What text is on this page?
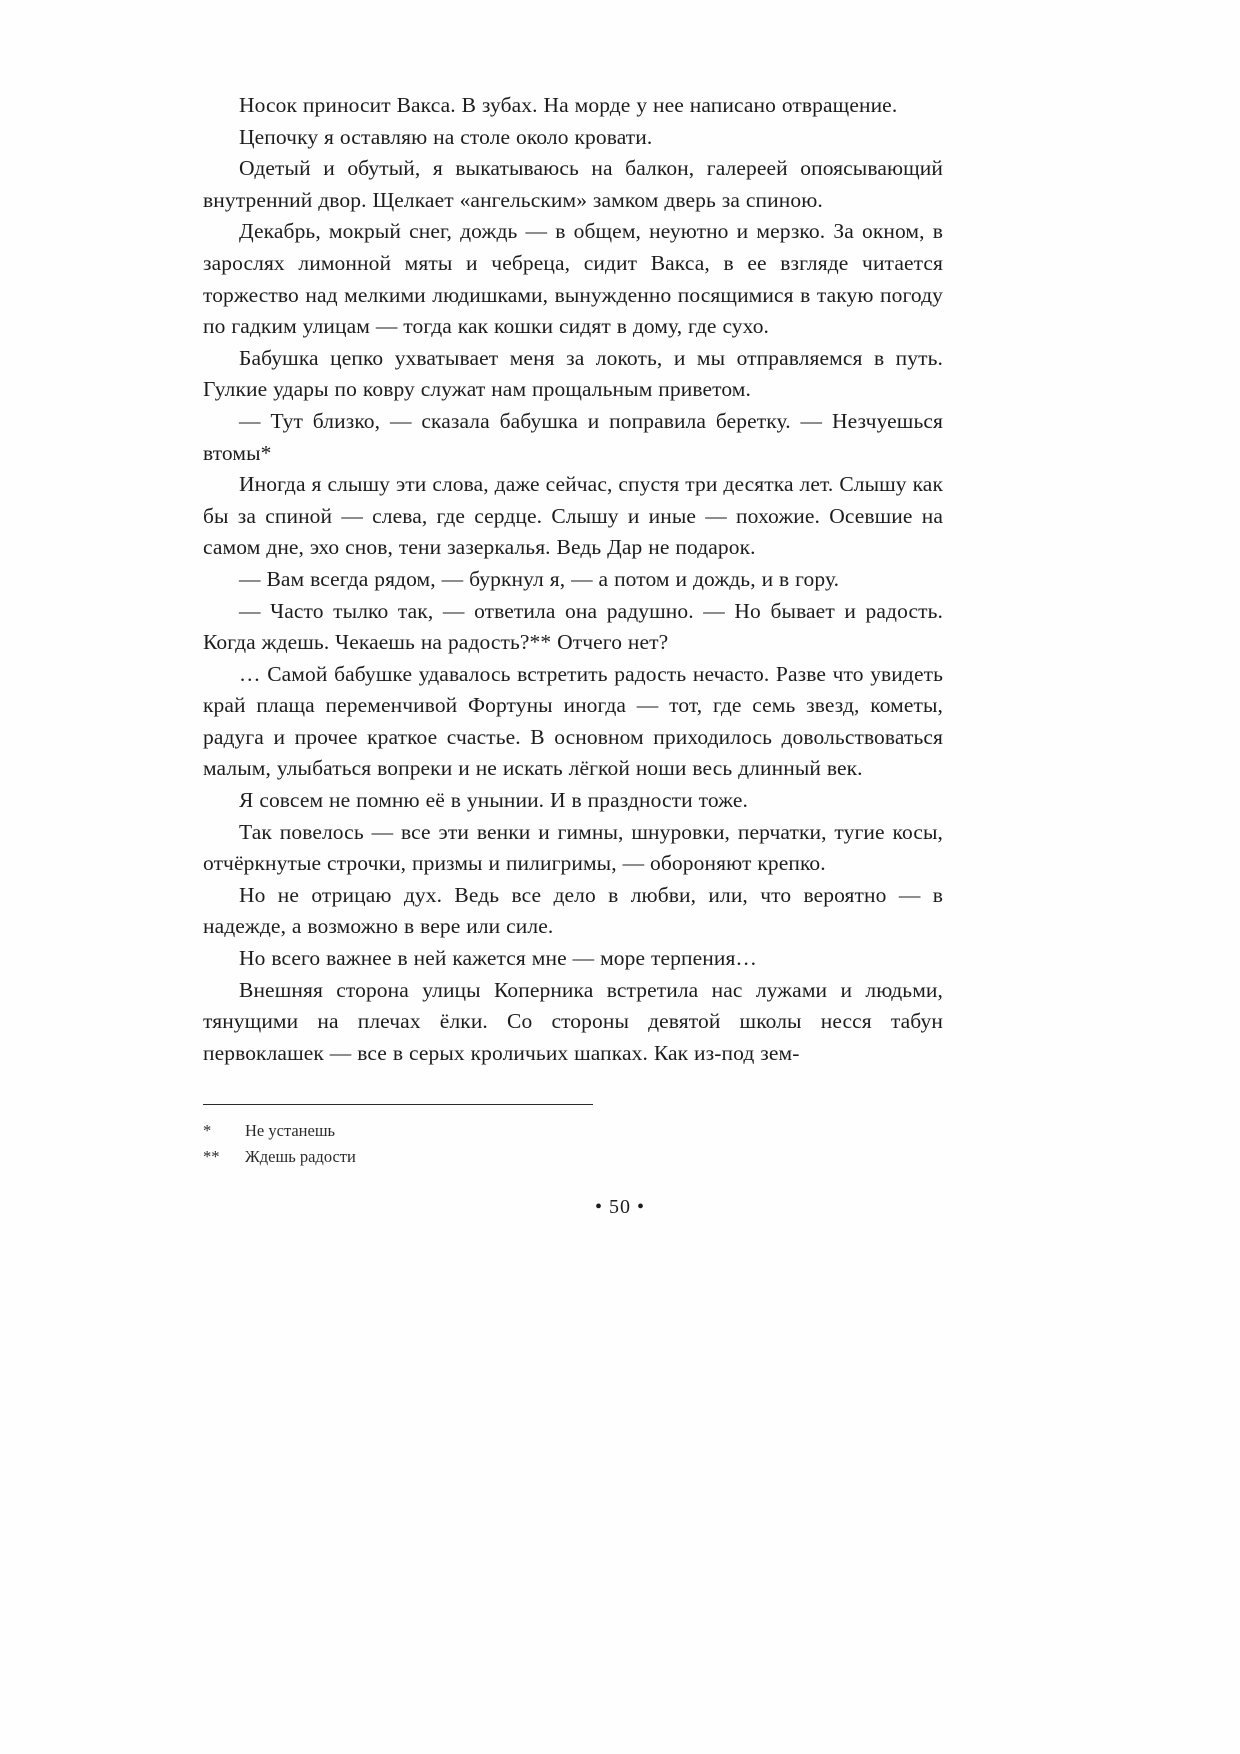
Носок приносит Вакса. В зубах. На морде у нее написано отвращение.

Цепочку я оставляю на столе около кровати.

Одетый и обутый, я выкатываюсь на балкон, галереей опоясывающий внутренний двор. Щелкает «ангельским» замком дверь за спиною.

Декабрь, мокрый снег, дождь — в общем, неуютно и мерзко. За окном, в зарослях лимонной мяты и чебреца, сидит Вакса, в ее взгляде читается торжество над мелкими людишками, вынужденно посящимися в такую погоду по гадким улицам — тогда как кошки сидят в дому, где сухо.

Бабушка цепко ухватывает меня за локоть, и мы отправляемся в путь. Гулкие удары по ковру служат нам прощальным приветом.

— Тут близко, — сказала бабушка и поправила беретку. — Незчуешься втомы*

Иногда я слышу эти слова, даже сейчас, спустя три десятка лет. Слышу как бы за спиной — слева, где сердце. Слышу и иные — похожие. Осевшие на самом дне, эхо снов, тени зазеркалья. Ведь Дар не подарок.

— Вам всегда рядом, — буркнул я, — а потом и дождь, и в гору.

— Часто тылко так, — ответила она радушно. — Но бывает и радость. Когда ждешь. Чекаешь на радость?** Отчего нет?

… Самой бабушке удавалось встретить радость нечасто. Разве что увидеть край плаща переменчивой Фортуны иногда — тот, где семь звезд, кометы, радуга и прочее краткое счастье. В основном приходилось довольствоваться малым, улыбаться вопреки и не искать лёгкой ноши весь длинный век.

Я совсем не помню её в унынии. И в праздности тоже.

Так повелось — все эти венки и гимны, шнуровки, перчатки, тугие косы, отчёркнутые строчки, призмы и пилигримы, — обороняют крепко.

Но не отрицаю дух. Ведь все дело в любви, или, что вероятно — в надежде, а возможно в вере или силе.

Но всего важнее в ней кажется мне — море терпения…

Внешняя сторона улицы Коперника встретила нас лужами и людьми, тянущими на плечах ёлки. Со стороны девятой школы несся табун первоклашек — все в серых кроличьих шапках. Как из-под зем-

*	Не устанешь
**	Ждешь радости
• 50 •
